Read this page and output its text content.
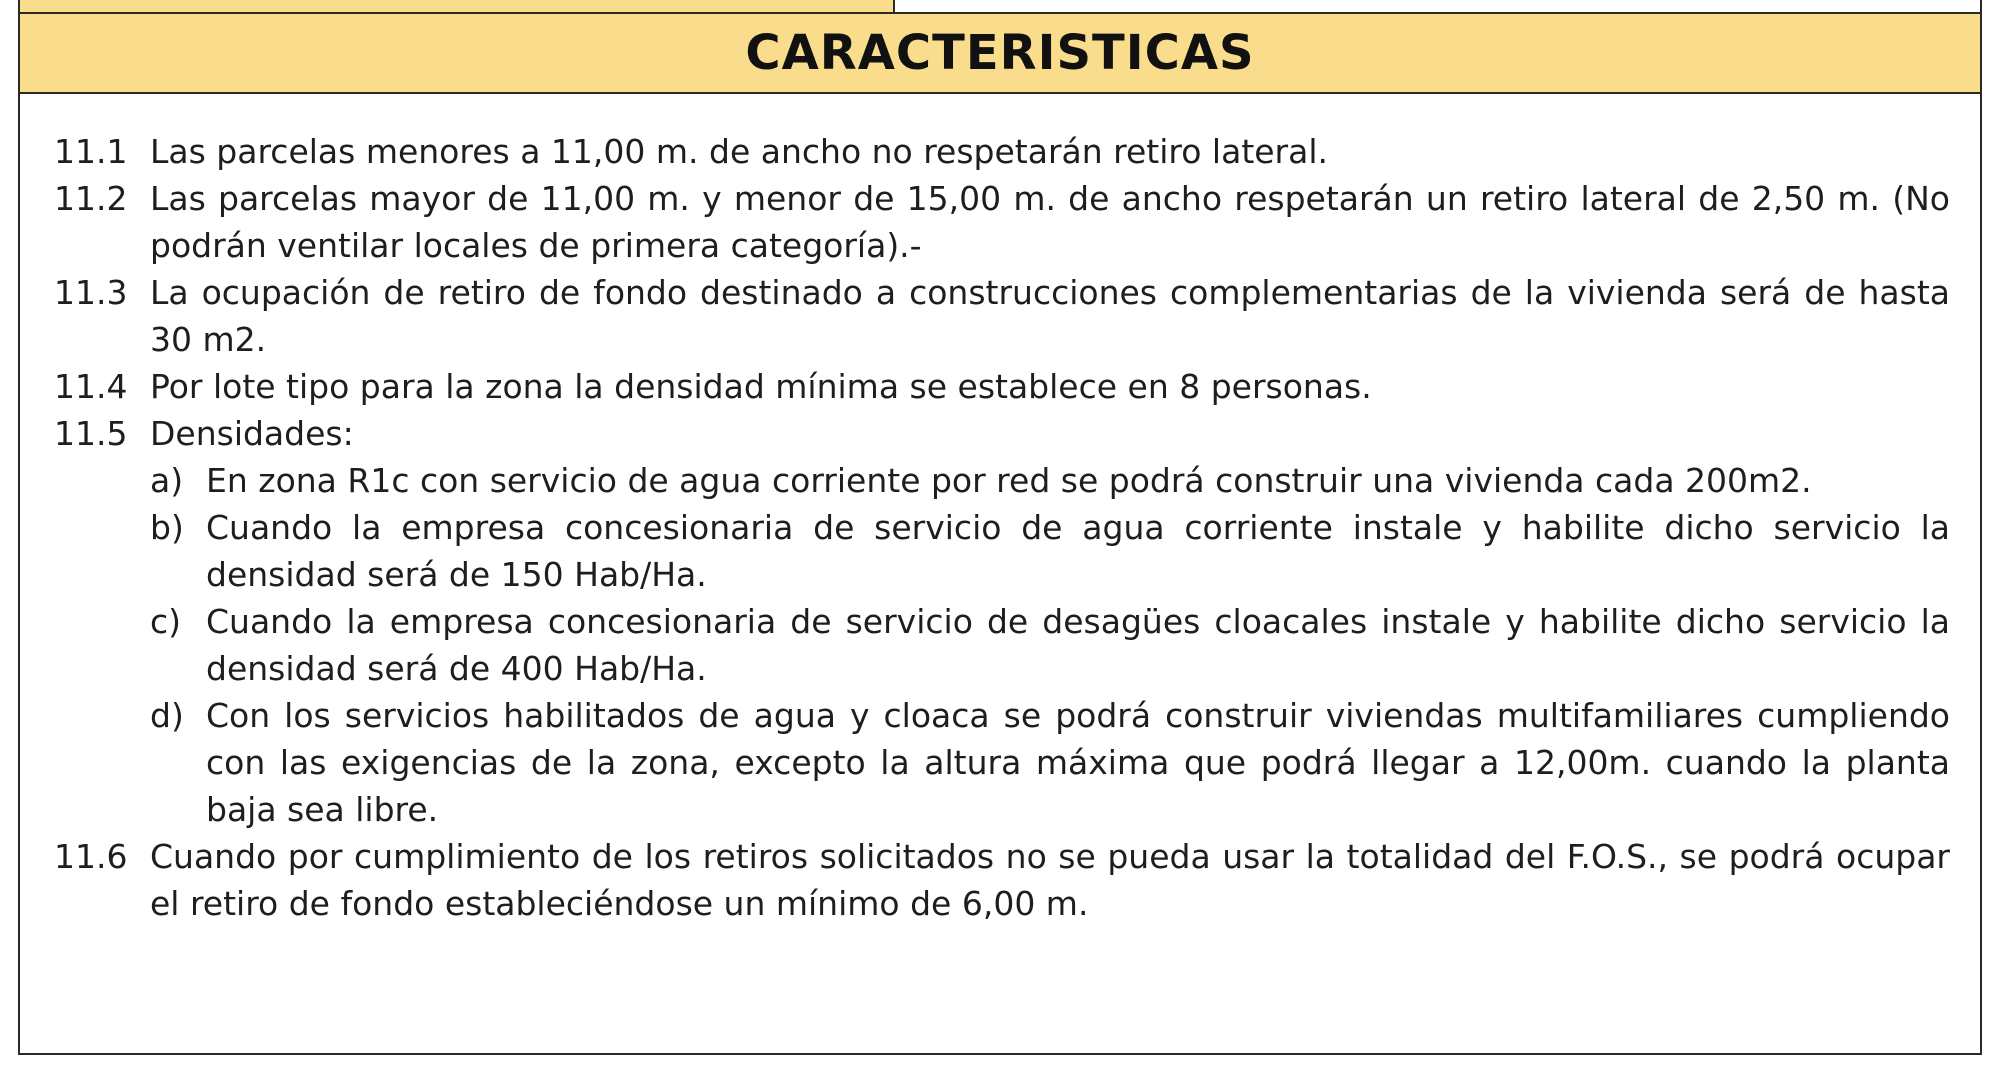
CARACTERISTICAS
11.1 Las parcelas menores a 11,00 m. de ancho no respetarán retiro lateral.
11.2 Las parcelas mayor de 11,00 m. y menor de 15,00 m. de ancho respetarán un retiro lateral de 2,50 m. (No podrán ventilar locales de primera categoría).-
11.3 La ocupación de retiro de fondo destinado a construcciones complementarias de la vivienda será de hasta 30 m2.
11.4 Por lote tipo para la zona la densidad mínima se establece en 8 personas.
11.5 Densidades:
a) En zona R1c con servicio de agua corriente por red se podrá construir una vivienda cada 200m2.
b) Cuando la empresa concesionaria de servicio de agua corriente instale y habilite dicho servicio la densidad será de 150 Hab/Ha.
c) Cuando la empresa concesionaria de servicio de desagües cloacales instale y habilite dicho servicio la densidad será de 400 Hab/Ha.
d) Con los servicios habilitados de agua y cloaca se podrá construir viviendas multifamiliares cumpliendo con las exigencias de la zona, excepto la altura máxima que podrá llegar a 12,00m. cuando la planta baja sea libre.
11.6 Cuando por cumplimiento de los retiros solicitados no se pueda usar la totalidad del F.O.S., se podrá ocupar el retiro de fondo estableciéndose un mínimo de 6,00 m.
